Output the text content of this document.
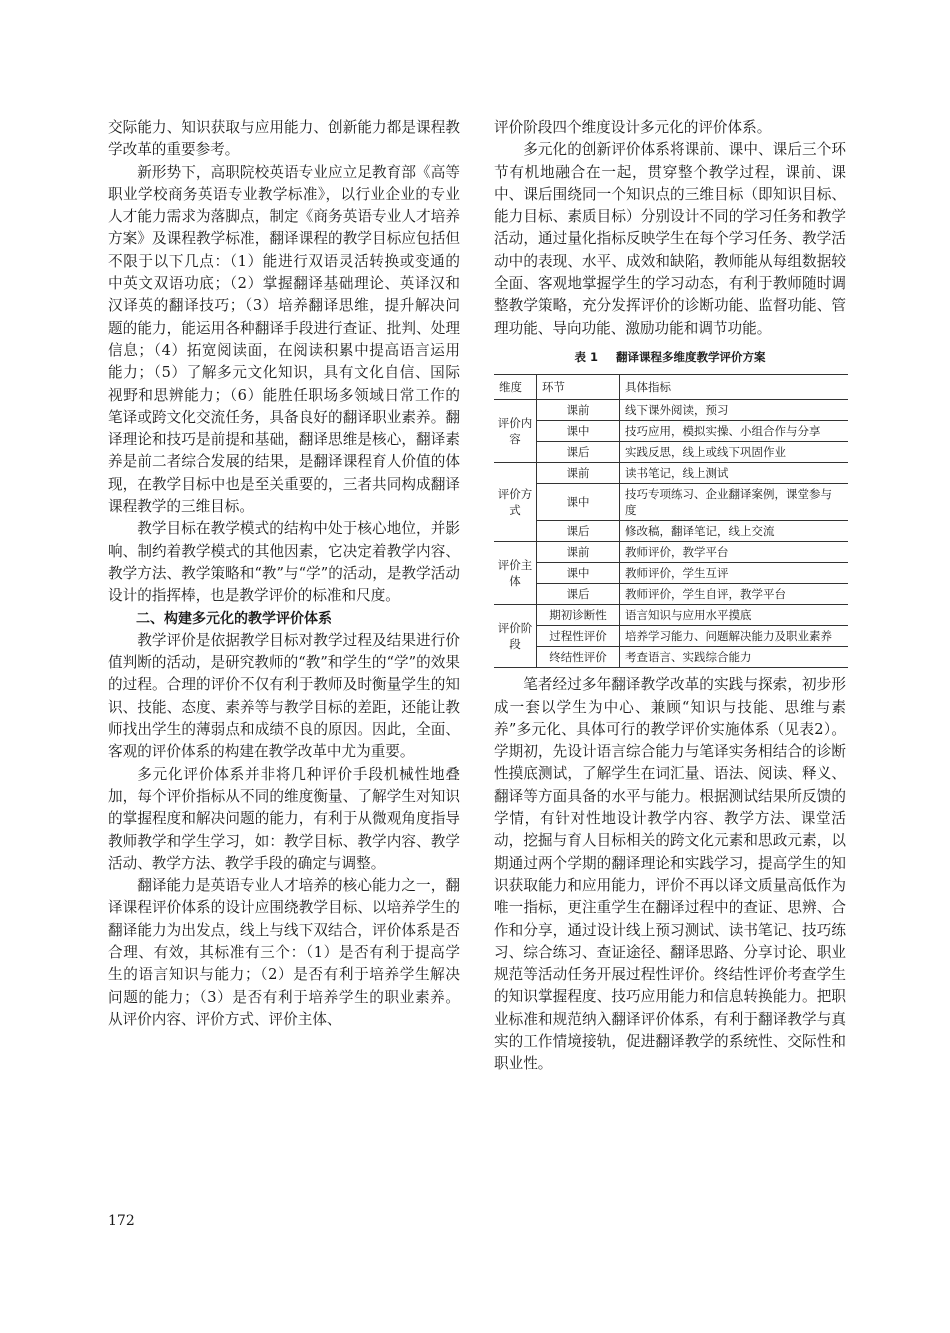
交际能力、知识获取与应用能力、创新能力都是课程教学改革的重要参考。

新形势下，高职院校英语专业应立足教育部《高等职业学校商务英语专业教学标准》，以行业企业的专业人才能力需求为落脚点，制定《商务英语专业人才培养方案》及课程教学标准，翻译课程的教学目标应包括但不限于以下几点：（1）能进行双语灵活转换或变通的中英文双语功底；（2）掌握翻译基础理论、英译汉和汉译英的翻译技巧；（3）培养翻译思维，提升解决问题的能力，能运用各种翻译手段进行查证、批判、处理信息；（4）拓宽阅读面，在阅读积累中提高语言运用能力；（5）了解多元文化知识，具有文化自信、国际视野和思辨能力；（6）能胜任职场多领域日常工作的笔译或跨文化交流任务，具备良好的翻译职业素养。翻译理论和技巧是前提和基础，翻译思维是核心，翻译素养是前二者综合发展的结果，是翻译课程育人价值的体现，在教学目标中也是至关重要的，三者共同构成翻译课程教学的三维目标。

教学目标在教学模式的结构中处于核心地位，并影响、制约着教学模式的其他因素，它决定着教学内容、教学方法、教学策略和“教”与“学”的活动，是教学活动设计的指挥棒，也是教学评价的标准和尺度。

二、构建多元化的教学评价体系

教学评价是依据教学目标对教学过程及结果进行价值判断的活动，是研究教师的“教”和学生的“学”的效果的过程。合理的评价不仅有利于教师及时衡量学生的知识、技能、态度、素养等与教学目标的差距，还能让教师找出学生的薄弱点和成绩不良的原因。因此，全面、客观的评价体系的构建在教学改革中尤为重要。

多元化评价体系并非将几种评价手段机械性地叠加，每个评价指标从不同的维度衡量、了解学生对知识的掌握程度和解决问题的能力，有利于从微观角度指导教师教学和学生学习，如：教学目标、教学内容、教学活动、教学方法、教学手段的确定与调整。

翻译能力是英语专业人才培养的核心能力之一，翻译课程评价体系的设计应围绕教学目标、以培养学生的翻译能力为出发点，线上与线下双结合，评价体系是否合理、有效，其标准有三个：（1）是否有利于提高学生的语言知识与能力；（2）是否有利于培养学生解决问题的能力；（3）是否有利于培养学生的职业素养。从评价内容、评价方式、评价主体、

评价阶段四个维度设计多元化的评价体系。

多元化的创新评价体系将课前、课中、课后三个环节有机地融合在一起，贯穿整个教学过程，课前、课中、课后围绕同一个知识点的三维目标（即知识目标、能力目标、素质目标）分别设计不同的学习任务和教学活动，通过量化指标反映学生在每个学习任务、教学活动中的表现、水平、成效和缺陷，教师能从每组数据较全面、客观地掌握学生的学习动态，有利于教师随时调整教学策略，充分发挥评价的诊断功能、监督功能、管理功能、导向功能、激励功能和调节功能。

表 1 翻译课程多维度教学评价方案
维度	环节	具体指标
评价内容	课前	线下课外阅读，预习
	课中	技巧应用，模拟实操、小组合作与分享
	课后	实践反思，线上或线下巩固作业
评价方式	课前	读书笔记，线上测试
	课中	技巧专项练习、企业翻译案例，课堂参与度
	课后	修改稿，翻译笔记，线上交流
评价主体	课前	教师评价，教学平台
	课中	教师评价，学生互评
	课后	教师评价，学生自评，教学平台
评价阶段	期初诊断性	语言知识与应用水平摸底
	过程性评价	培养学习能力、问题解决能力及职业素养
	终结性评价	考查语言、实践综合能力

笔者经过多年翻译教学改革的实践与探索，初步形成一套以学生为中心、兼顾“知识与技能、思维与素养”多元化、具体可行的教学评价实施体系（见表2）。学期初，先设计语言综合能力与笔译实务相结合的诊断性摸底测试，了解学生在词汇量、语法、阅读、释义、翻译等方面具备的水平与能力。根据测试结果所反馈的学情，有针对性地设计教学内容、教学方法、课堂活动，挖掘与育人目标相关的跨文化元素和思政元素，以期通过两个学期的翻译理论和实践学习，提高学生的知识获取能力和应用能力，评价不再以译文质量高低作为唯一指标，更注重学生在翻译过程中的查证、思辨、合作和分享，通过设计线上预习测试、读书笔记、技巧练习、综合练习、查证途径、翻译思路、分享讨论、职业规范等活动任务开展过程性评价。终结性评价考查学生的知识掌握程度、技巧应用能力和信息转换能力。把职业标准和规范纳入翻译评价体系，有利于翻译教学与真实的工作情境接轨，促进翻译教学的系统性、交际性和职业性。

172
